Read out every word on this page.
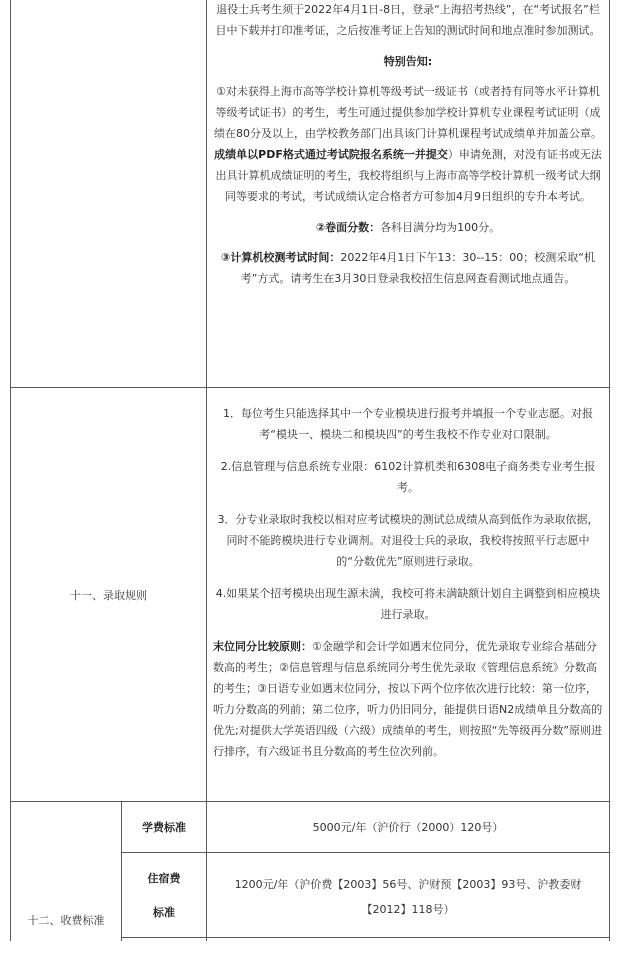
退役士兵考生须于2022年4月1日-8日，登录“上海招考热线”，在“考试报名”栏目中下载并打印准考证，之后按准考证上告知的测试时间和地点准时参加测试。

特别告知:

①对未获得上海市高等学校计算机等级考试一级证书（或者持有同等水平计算机等级考试证书）的考生，考生可通过提供参加学校计算机专业课程考试证明（成绩在80分及以上，由学校教务部门出具该门计算机课程考试成绩单并加盖公章。成绩单以PDF格式通过考试院报名系统一并提交）申请免测，对没有证书或无法出具计算机成绩证明的考生，我校将组织与上海市高等学校计算机一级考试大纲同等要求的考试，考试成绩认定合格者方可参加4月9日组织的专升本考试。

②卷面分数：各科目满分均为100分。

③计算机校测考试时间：2022年4月1日下午13：30--15：00；校测采取“机考”方式。请考生在3月30日登录我校招生信息网查看测试地点通告。

十一、录取规则

1．每位考生只能选择其中一个专业模块进行报考并填报一个专业志愿。对报考“模块一、模块二和模块四”的考生我校不作专业对口限制。

2.信息管理与信息系统专业限：6102计算机类和6308电子商务类专业考生报考。

3．分专业录取时我校以相对应考试模块的测试总成绩从高到低作为录取依据，同时不能跨模块进行专业调剂。对退役士兵的录取，我校将按照平行志愿中的“分数优先”原则进行录取。

4.如果某个招考模块出现生源未满，我校可将未满缺额计划自主调整到相应模块进行录取。

末位同分比较原则：①金融学和会计学如遇末位同分，优先录取专业综合基础分数高的考生；②信息管理与信息系统同分考生优先录取《管理信息系统》分数高的考生；③日语专业如遇末位同分，按以下两个位序依次进行比较：第一位序，听力分数高的列前；第二位序，听力仍旧同分，能提供日语N2成绩单且分数高的优先;对提供大学英语四级（六级）成绩单的考生，则按照“先等级再分数”原则进行排序，有六级证书且分数高的考生位次列前。

十二、收费标准
学费标准	5000元/年（沪价行（2000）120号）
住宿费
标准

1200元/年（沪价费【2003】56号、沪财预【2003】93号、沪教委财【2012】118号）
